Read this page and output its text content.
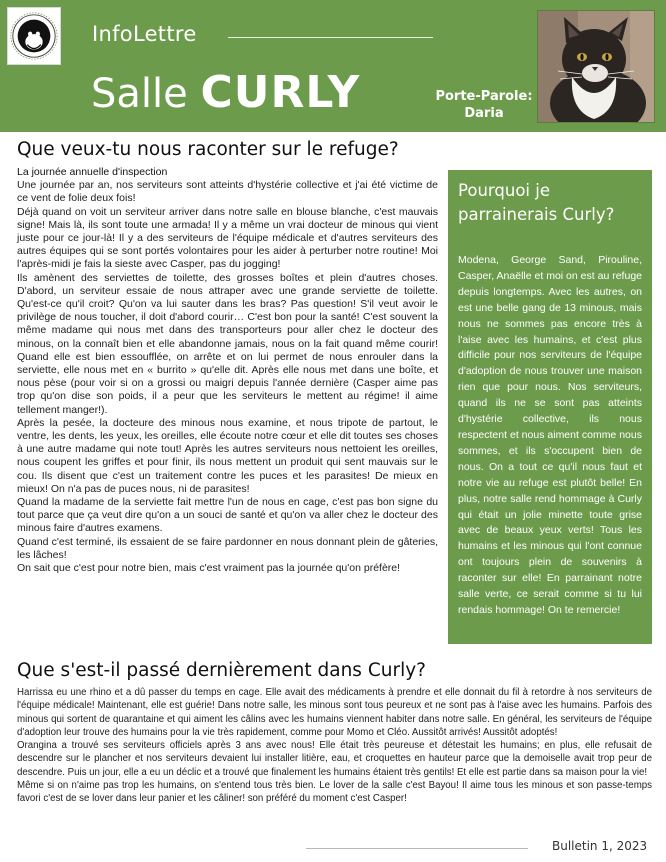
InfoLettre
Salle CURLY	Porte-Parole:
Daria
Que veux-tu nous raconter sur le refuge?

La journée annuelle d'inspection

Une journée par an, nos serviteurs sont atteints d'hystérie collective et j'ai été victime de ce vent de folie deux fois!

Déjà quand on voit un serviteur arriver dans notre salle en blouse blanche, c'est mauvais signe! Mais là, ils sont toute une armada! Il y a même un vrai docteur de minous qui vient juste pour ce jour-là! Il y a des serviteurs de l'équipe médicale et d'autres serviteurs des autres équipes qui se sont portés volontaires pour les aider à perturber notre routine! Moi l'après-midi je fais la sieste avec Casper, pas du jogging!

Ils amènent des serviettes de toilette, des grosses boîtes et plein d'autres choses. D'abord, un serviteur essaie de nous attraper avec une grande serviette de toilette. Qu'est-ce qu'il croit? Qu'on va lui sauter dans les bras? Pas question! S'il veut avoir le privilège de nous toucher, il doit d'abord courir… C'est bon pour la santé! C'est souvent la même madame qui nous met dans des transporteurs pour aller chez le docteur des minous, on la connaît bien et elle abandonne jamais, nous on la fait quand même courir! Quand elle est bien essoufflée, on arrête et on lui permet de nous enrouler dans la serviette, elle nous met en « burrito » qu'elle dit. Après elle nous met dans une boîte, et nous pèse (pour voir si on a grossi ou maigri depuis l'année dernière (Casper aime pas trop qu'on dise son poids, il a peur que les serviteurs le mettent au régime! il aime tellement manger!).

Après la pesée, la docteure des minous nous examine, et nous tripote de partout, le ventre, les dents, les yeux, les oreilles, elle écoute notre cœur et elle dit toutes ses choses à une autre madame qui note tout! Après les autres serviteurs nous nettoient les oreilles, nous coupent les griffes et pour finir, ils nous mettent un produit qui sent mauvais sur le cou. Ils disent que c'est un traitement contre les puces et les parasites! De mieux en mieux! On n'a pas de puces nous, ni de parasites!

Quand la madame de la serviette fait mettre l'un de nous en cage, c'est pas bon signe du tout parce que ça veut dire qu'on a un souci de santé et qu'on va aller chez le docteur des minous faire d'autres examens.

Quand c'est terminé, ils essaient de se faire pardonner en nous donnant plein de gâteries, les lâches!

On sait que c'est pour notre bien, mais c'est vraiment pas la journée qu'on préfère!

Pourquoi je parrainerais Curly?

Modena, George Sand, Pirouline, Casper, Anaëlle et moi on est au refuge depuis longtemps. Avec les autres, on est une belle gang de 13 minous, mais nous ne sommes pas encore très à l'aise avec les humains, et c'est plus difficile pour nos serviteurs de l'équipe d'adoption de nous trouver une maison rien que pour nous. Nos serviteurs, quand ils ne se sont pas atteints d'hystérie collective, ils nous respectent et nous aiment comme nous sommes, et ils s'occupent bien de nous. On a tout ce qu'il nous faut et notre vie au refuge est plutôt belle! En plus, notre salle rend hommage à Curly qui était un jolie minette toute grise avec de beaux yeux verts! Tous les humains et les minous qui l'ont connue ont toujours plein de souvenirs à raconter sur elle! En parrainant notre salle verte, ce serait comme si tu lui rendais hommage! On te remercie!

Que s'est-il passé dernièrement dans Curly?

Harrissa eu une rhino et a dû passer du temps en cage. Elle avait des médicaments à prendre et elle donnait du fil à retordre à nos serviteurs de l'équipe médicale! Maintenant, elle est guérie! Dans notre salle, les minous sont tous peureux et ne sont pas à l'aise avec les humains. Parfois des minous qui sortent de quarantaine et qui aiment les câlins avec les humains viennent habiter dans notre salle. En général, les serviteurs de l'équipe d'adoption leur trouve des humains pour la vie très rapidement, comme pour Momo et Cléo. Aussitôt arrivés! Aussitôt adoptés!

Orangina a trouvé ses serviteurs officiels après 3 ans avec nous! Elle était très peureuse et détestait les humains; en plus, elle refusait de descendre sur le plancher et nos serviteurs devaient lui installer litière, eau, et croquettes en hauteur parce que la demoiselle avait trop peur de descendre. Puis un jour, elle a eu un déclic et a trouvé que finalement les humains étaient très gentils! Et elle est partie dans sa maison pour la vie!

Même si on n'aime pas trop les humains, on s'entend tous très bien. Le lover de la salle c'est Bayou! Il aime tous les minous et son passe-temps favori c'est de se lover dans leur panier et les câliner! son préféré du moment c'est Casper!

Bulletin 1, 2023
